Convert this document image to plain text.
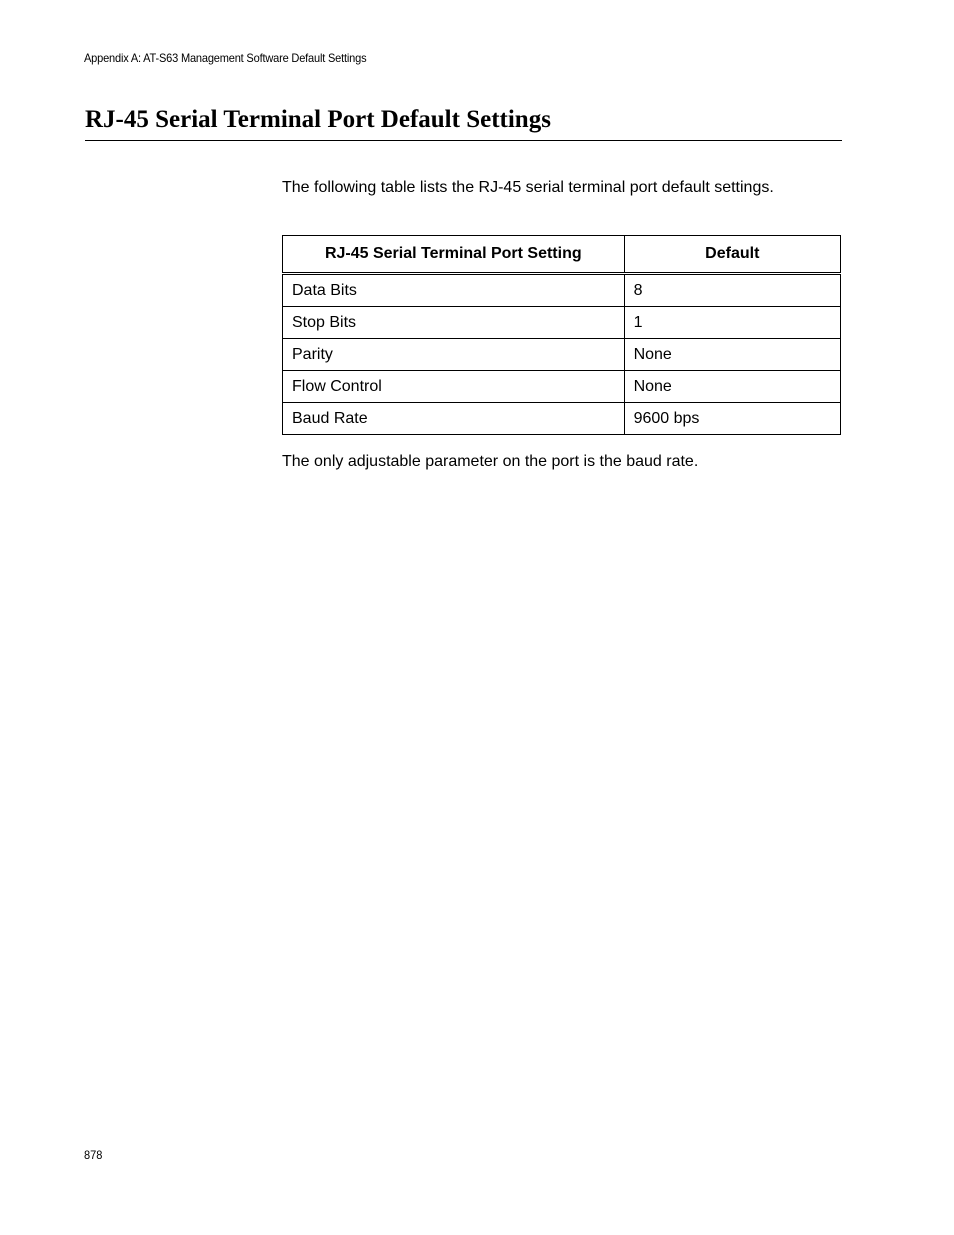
Appendix A: AT-S63 Management Software Default Settings
RJ-45 Serial Terminal Port Default Settings

The following table lists the RJ-45 serial terminal port default settings.

RJ-45 Serial Terminal Port Setting	Default
Data Bits	8
Stop Bits	1
Parity	None
Flow Control	None
Baud Rate	9600 bps

The only adjustable parameter on the port is the baud rate.

878
